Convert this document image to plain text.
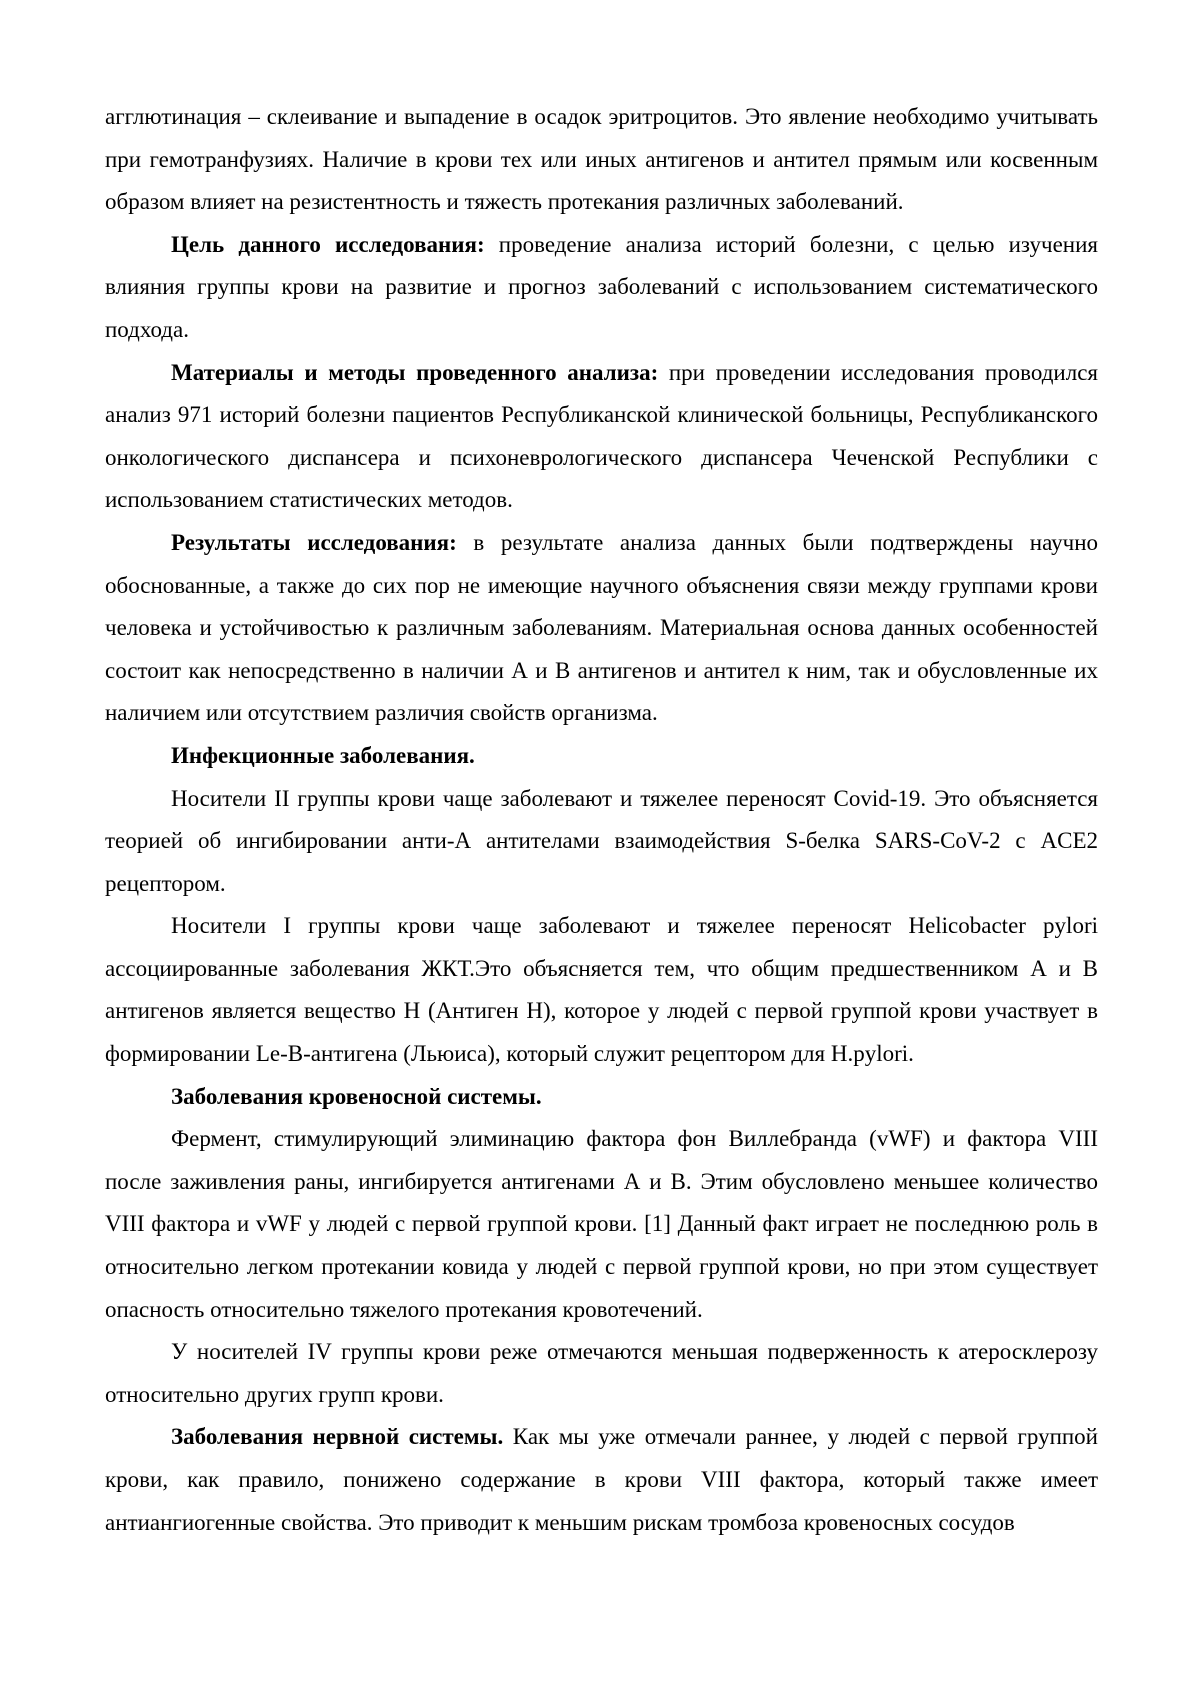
агглютинация – склеивание и выпадение в осадок эритроцитов. Это явление необходимо учитывать при гемотранфузиях. Наличие в крови тех или иных антигенов и антител прямым или косвенным образом влияет на резистентность и тяжесть протекания различных заболеваний.

Цель данного исследования: проведение анализа историй болезни, с целью изучения влияния группы крови на развитие и прогноз заболеваний с использованием систематического подхода.

Материалы и методы проведенного анализа: при проведении исследования проводился анализ 971 историй болезни пациентов Республиканской клинической больницы, Республиканского онкологического диспансера и психоневрологического диспансера Чеченской Республики с использованием статистических методов.

Результаты исследования: в результате анализа данных были подтверждены научно обоснованные, а также до сих пор не имеющие научного объяснения связи между группами крови человека и устойчивостью к различным заболеваниям. Материальная основа данных особенностей состоит как непосредственно в наличии А и В антигенов и антител к ним, так и обусловленные их наличием или отсутствием различия свойств организма.

Инфекционные заболевания.

Носители II группы крови чаще заболевают и тяжелее переносят Covid-19. Это объясняется теорией об ингибировании анти-А антителами взаимодействия S-белка SARS-CoV-2 с ACE2 рецептором.

Носители I группы крови чаще заболевают и тяжелее переносят Helicobacter pylori ассоциированные заболевания ЖКТ.Это объясняется тем, что общим предшественником А и В антигенов является вещество H (Антиген H), которое у людей с первой группой крови участвует в формировании Le-B-антигена (Льюиса), который служит рецептором для H.pylori.

Заболевания кровеносной системы.

Фермент, стимулирующий элиминацию фактора фон Виллебранда (vWF) и фактора VIII после заживления раны, ингибируется антигенами А и В. Этим обусловлено меньшее количество VIII фактора и vWF у людей с первой группой крови. [1] Данный факт играет не последнюю роль в относительно легком протекании ковида у людей с первой группой крови, но при этом существует опасность относительно тяжелого протекания кровотечений.

У носителей IV группы крови реже отмечаются меньшая подверженность к атеросклерозу относительно других групп крови.

Заболевания нервной системы. Как мы уже отмечали раннее, у людей с первой группой крови, как правило, понижено содержание в крови VIII фактора, который также имеет антиангиогенные свойства. Это приводит к меньшим рискам тромбоза кровеносных сосудов
